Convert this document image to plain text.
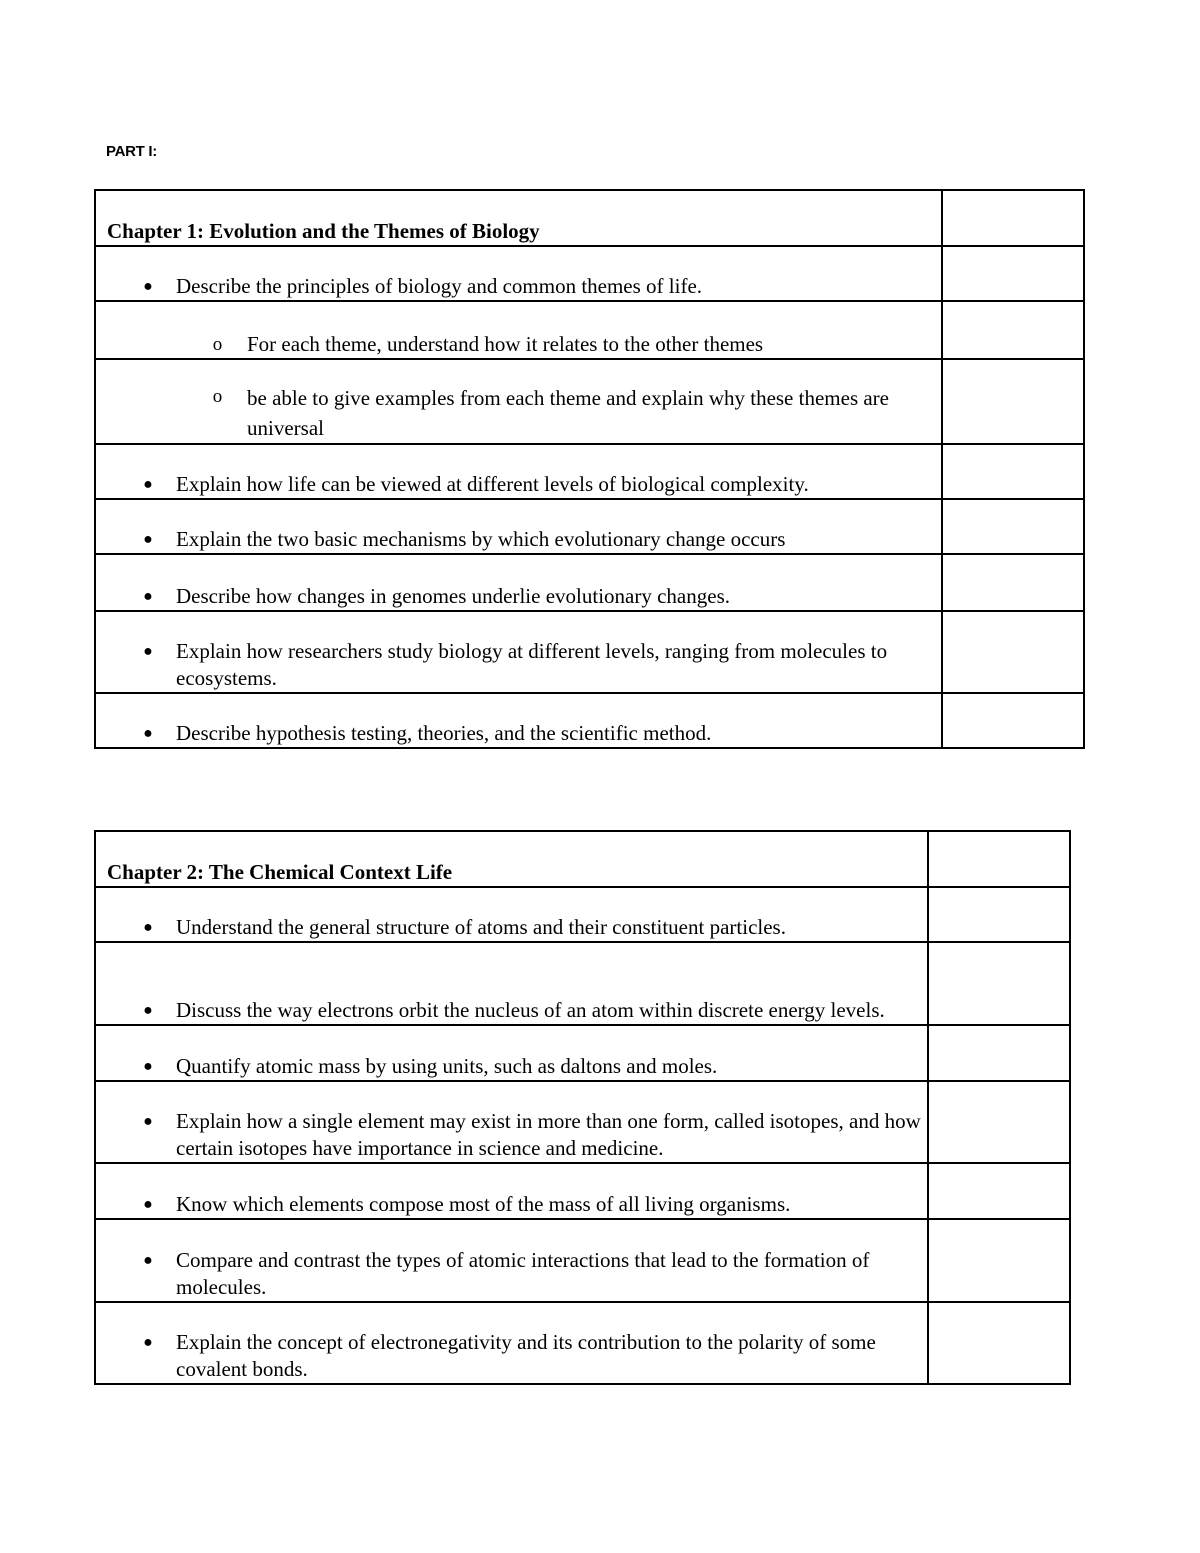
PART I:
Chapter 1: Evolution and the Themes of Biology	

● Describe the principles of biology and common themes of life.	

o For each theme, understand how it relates to the other themes	

o be able to give examples from each theme and explain why these themes are universal	

● Explain how life can be viewed at different levels of biological complexity.	

● Explain the two basic mechanisms by which evolutionary change occurs	

● Describe how changes in genomes underlie evolutionary changes.	

● Explain how researchers study biology at different levels, ranging from molecules to ecosystems.	

● Describe hypothesis testing, theories, and the scientific method.	

Chapter 2: The Chemical Context Life	

● Understand the general structure of atoms and their constituent particles.	

● Discuss the way electrons orbit the nucleus of an atom within discrete energy levels.	

● Quantify atomic mass by using units, such as daltons and moles.	

● Explain how a single element may exist in more than one form, called isotopes, and how certain isotopes have importance in science and medicine.	

● Know which elements compose most of the mass of all living organisms.	

● Compare and contrast the types of atomic interactions that lead to the formation of molecules.	

● Explain the concept of electronegativity and its contribution to the polarity of some covalent bonds.	
